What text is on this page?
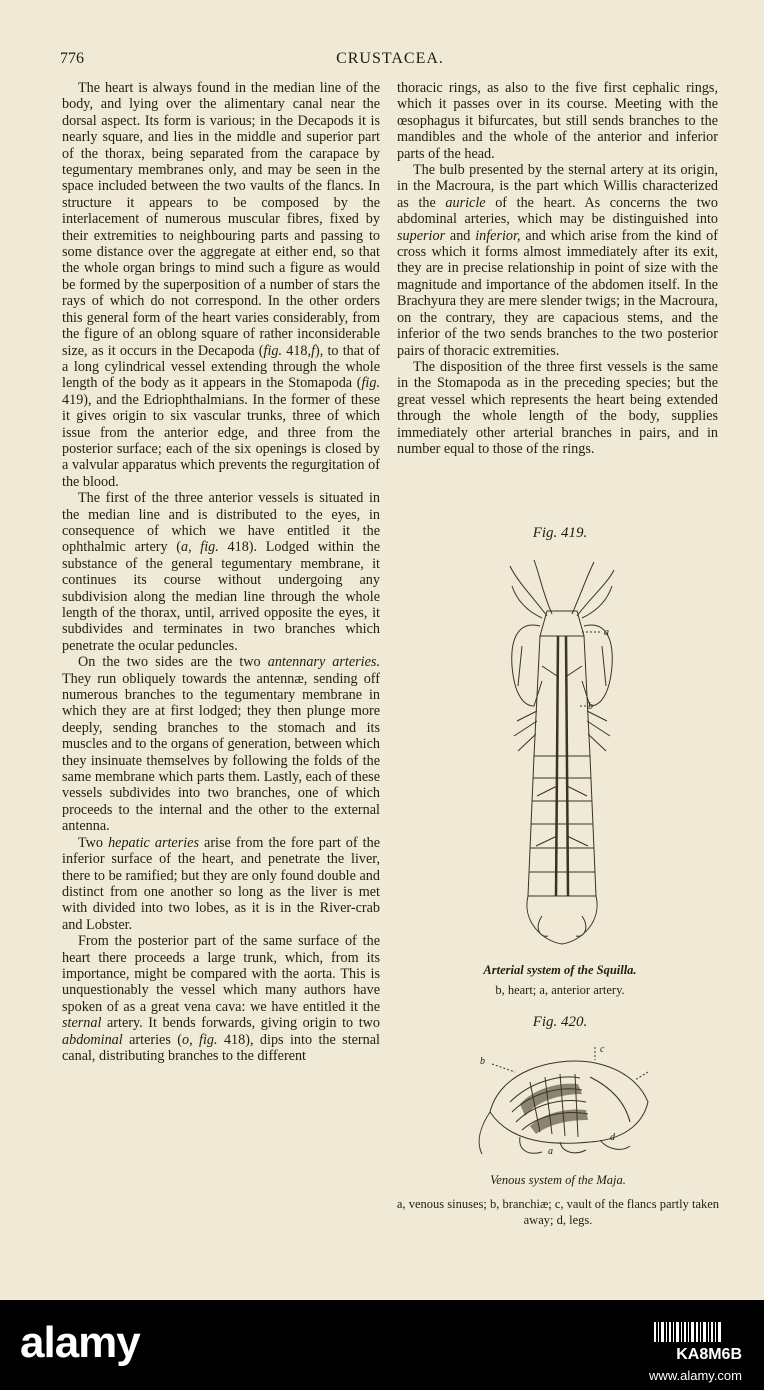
776	CRUSTACEA.

The heart is always found in the median line of the body, and lying over the alimentary canal near the dorsal aspect. Its form is various; in the Decapods it is nearly square, and lies in the middle and superior part of the thorax, being separated from the carapace by tegumentary membranes only, and may be seen in the space included between the two vaults of the flancs. In structure it appears to be composed by the interlacement of numerous muscular fibres, fixed by their extremities to neighbouring parts and passing to some distance over the aggregate at either end, so that the whole organ brings to mind such a figure as would be formed by the superposition of a number of stars the rays of which do not correspond. In the other orders this general form of the heart varies considerably, from the figure of an oblong square of rather inconsiderable size, as it occurs in the Decapoda (fig. 418,f), to that of a long cylindrical vessel extending through the whole length of the body as it appears in the Stomapoda (fig. 419), and the Edriophthalmians. In the former of these it gives origin to six vascular trunks, three of which issue from the anterior edge, and three from the posterior surface; each of the six openings is closed by a valvular apparatus which prevents the regurgitation of the blood.

The first of the three anterior vessels is situated in the median line and is distributed to the eyes, in consequence of which we have entitled it the ophthalmic artery (a, fig. 418). Lodged within the substance of the general tegumentary membrane, it continues its course without undergoing any subdivision along the median line through the whole length of the thorax, until, arrived opposite the eyes, it subdivides and terminates in two branches which penetrate the ocular peduncles.

On the two sides are the two antennary arteries. They run obliquely towards the antennæ, sending off numerous branches to the tegumentary membrane in which they are at first lodged; they then plunge more deeply, sending branches to the stomach and its muscles and to the organs of generation, between which they insinuate themselves by following the folds of the same membrane which parts them. Lastly, each of these vessels subdivides into two branches, one of which proceeds to the internal and the other to the external antenna.

Two hepatic arteries arise from the fore part of the inferior surface of the heart, and penetrate the liver, there to be ramified; but they are only found double and distinct from one another so long as the liver is met with divided into two lobes, as it is in the River-crab and Lobster.

From the posterior part of the same surface of the heart there proceeds a large trunk, which, from its importance, might be compared with the aorta. This is unquestionably the vessel which many authors have spoken of as a great vena cava: we have entitled it the sternal artery. It bends forwards, giving origin to two abdominal arteries (o, fig. 418), dips into the sternal canal, distributing branches to the different

thoracic rings, as also to the five first cephalic rings, which it passes over in its course. Meeting with the œsophagus it bifurcates, but still sends branches to the mandibles and the whole of the anterior and inferior parts of the head.

The bulb presented by the sternal artery at its origin, in the Macroura, is the part which Willis characterized as the auricle of the heart. As concerns the two abdominal arteries, which may be distinguished into superior and inferior, and which arise from the kind of cross which it forms almost immediately after its exit, they are in precise relationship in point of size with the magnitude and importance of the abdomen itself. In the Brachyura they are mere slender twigs; in the Macroura, on the contrary, they are capacious stems, and the inferior of the two sends branches to the two posterior pairs of thoracic extremities.

The disposition of the three first vessels is the same in the Stomapoda as in the preceding species; but the great vessel which represents the heart being extended through the whole length of the body, supplies immediately other arterial branches in pairs, and in number equal to those of the rings.

Fig. 419.
a
b
Arterial system of the Squilla.
b, heart; a, anterior artery.
Fig. 420.
b
c
a
d
Venous system of the Maja.
a, venous sinuses; b, branchiæ; c, vault of the flancs partly taken away; d, legs.
alamy	KA8M6B
www.alamy.com
